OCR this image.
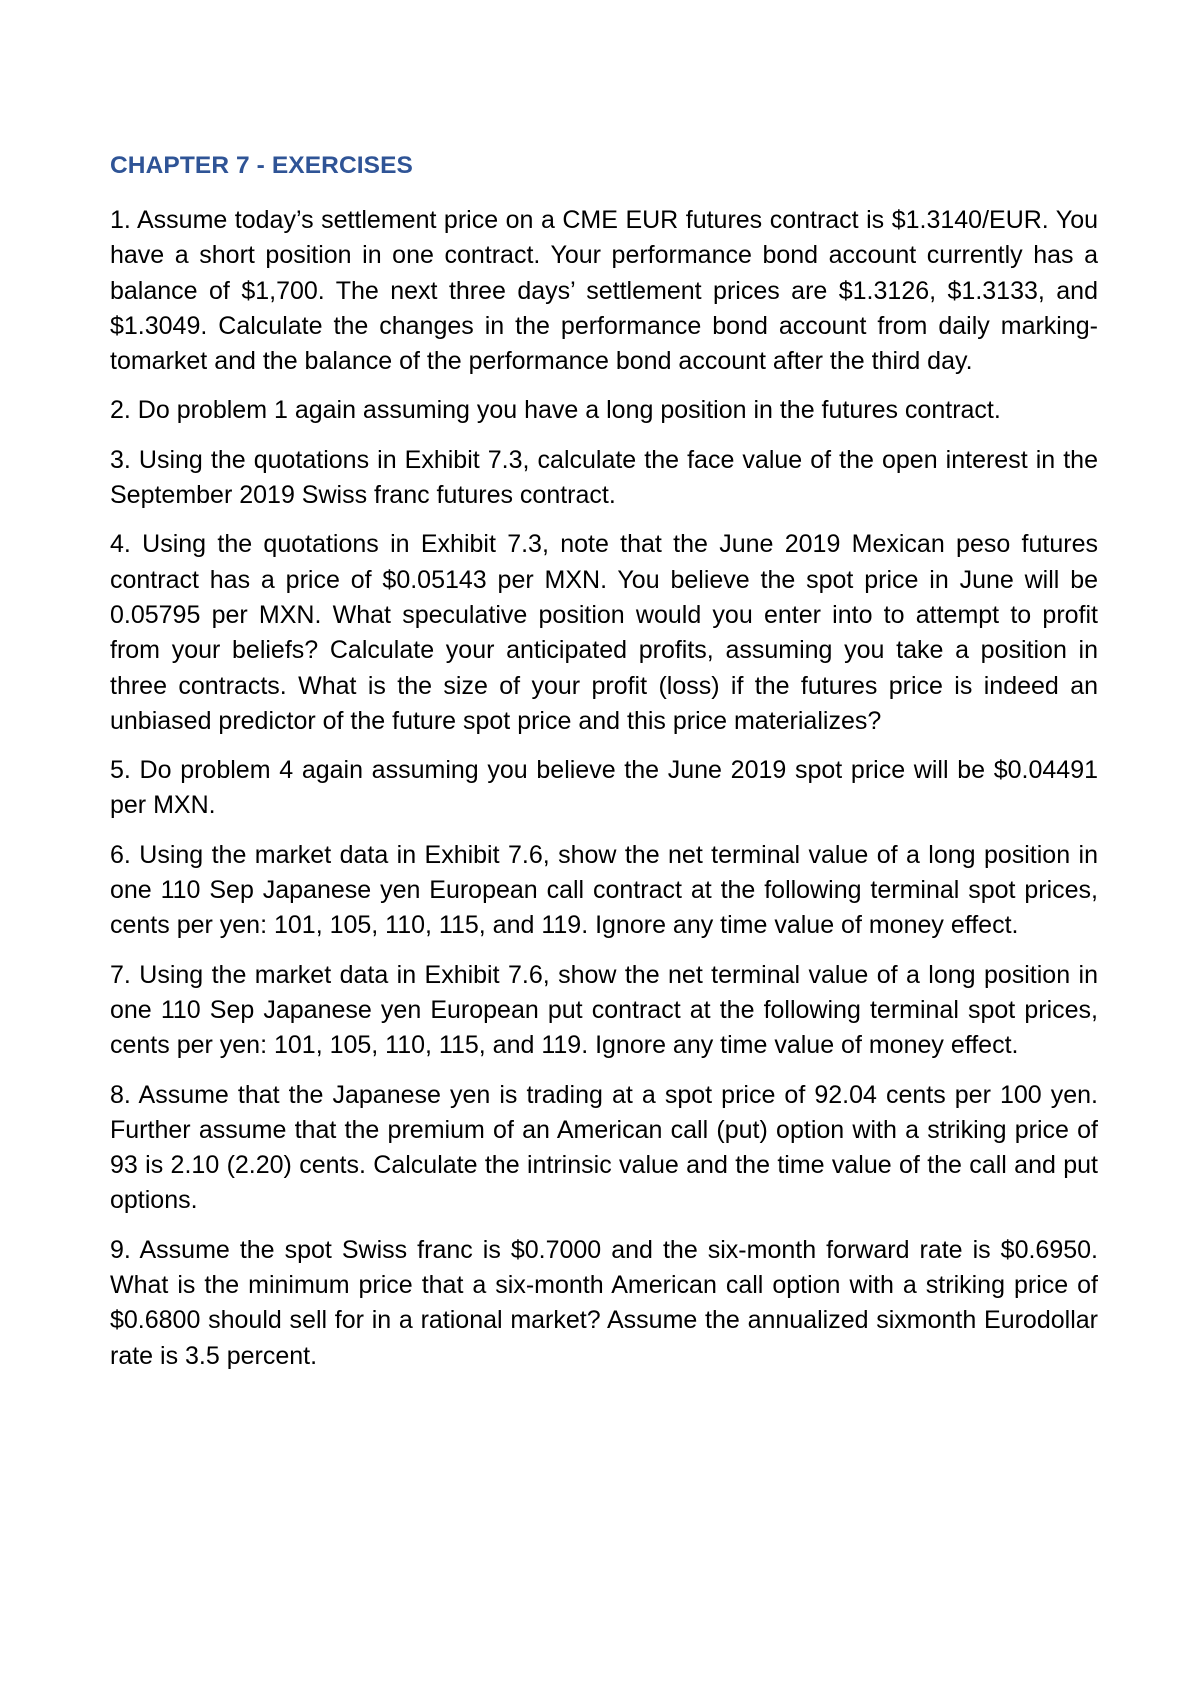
CHAPTER 7 - EXERCISES

1. Assume today’s settlement price on a CME EUR futures contract is $1.3140/EUR. You have a short position in one contract. Your performance bond account currently has a balance of $1,700. The next three days’ settlement prices are $1.3126, $1.3133, and $1.3049. Calculate the changes in the performance bond account from daily marking-tomarket and the balance of the performance bond account after the third day.

2. Do problem 1 again assuming you have a long position in the futures contract.

3. Using the quotations in Exhibit 7.3, calculate the face value of the open interest in the September 2019 Swiss franc futures contract.

4. Using the quotations in Exhibit 7.3, note that the June 2019 Mexican peso futures contract has a price of $0.05143 per MXN. You believe the spot price in June will be 0.05795 per MXN. What speculative position would you enter into to attempt to profit from your beliefs? Calculate your anticipated profits, assuming you take a position in three contracts. What is the size of your profit (loss) if the futures price is indeed an unbiased predictor of the future spot price and this price materializes?

5. Do problem 4 again assuming you believe the June 2019 spot price will be $0.04491 per MXN.

6. Using the market data in Exhibit 7.6, show the net terminal value of a long position in one 110 Sep Japanese yen European call contract at the following terminal spot prices, cents per yen: 101, 105, 110, 115, and 119. Ignore any time value of money effect.

7. Using the market data in Exhibit 7.6, show the net terminal value of a long position in one 110 Sep Japanese yen European put contract at the following terminal spot prices, cents per yen: 101, 105, 110, 115, and 119. Ignore any time value of money effect.

8. Assume that the Japanese yen is trading at a spot price of 92.04 cents per 100 yen. Further assume that the premium of an American call (put) option with a striking price of 93 is 2.10 (2.20) cents. Calculate the intrinsic value and the time value of the call and put options.

9. Assume the spot Swiss franc is $0.7000 and the six-month forward rate is $0.6950. What is the minimum price that a six-month American call option with a striking price of $0.6800 should sell for in a rational market? Assume the annualized sixmonth Eurodollar rate is 3.5 percent.
